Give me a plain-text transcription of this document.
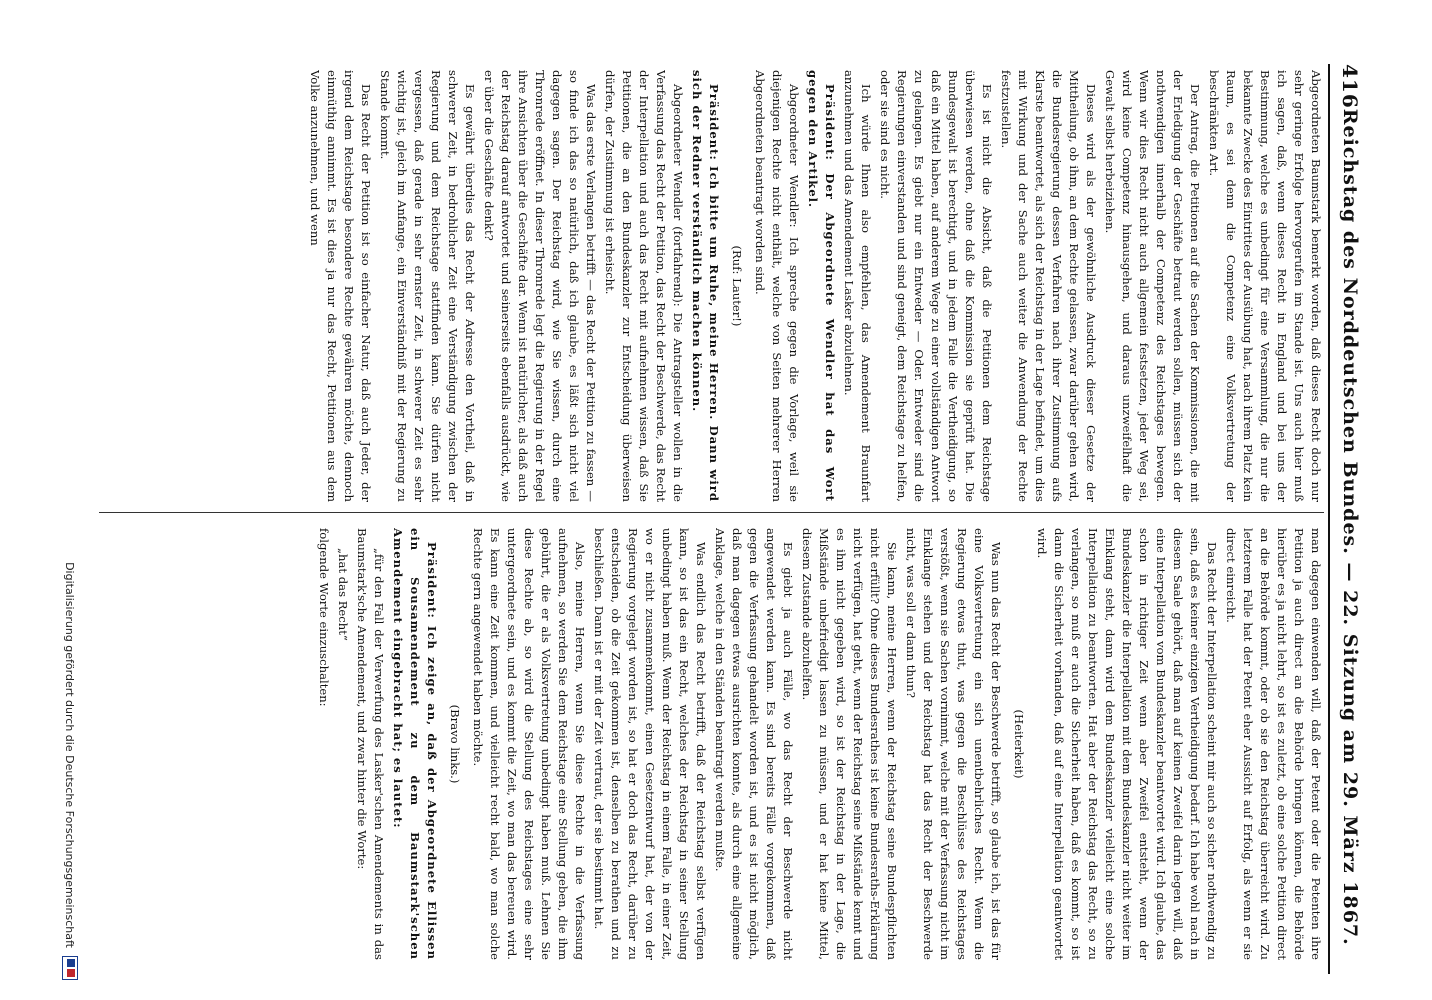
416
Reichstag des Norddeutschen Bundes. — 22. Sitzung am 29. März 1867.

Abgeordneten Baumstark bemerkt worden, daß dieses Recht doch nur sehr geringe Erfolge hervorgerufen im Stande ist. Uns auch hier muß ich sagen, daß, wenn dieses Recht in England und bei uns der Bestimmung, welche es unbedingt für eine Versammlung, die nur die bekannte Zwecke des Eintrittes der Ausübung hat, nach ihrem Platz kein Raum, es sei denn die Competenz eine Volksvertretung der beschränkten Art.

Der Antrag, die Petitionen auf die Sachen der Kommissionen, die mit der Erledigung der Geschäfte betraut werden sollen, müssen sich der nothwendigen innerhalb der Competenz des Reichstages bewegen. Wenn wir dies Recht nicht auch allgemein festsetzen, jeder Weg sei, wird keine Competenz hinausgehen, und daraus unzweifelhaft die Gewalt selbst herbeiziehen.

Dieses wird als der gewöhnliche Ausdruck dieser Gesetze der Mittheilung, ob ihm, an dem Rechte gelassen, zwar darüber gehen wird, die Bundesregierung dessen Verfahren nach ihrer Zustimmung aufs Klarste beantwortet, als sich der Reichstag in der Lage befindet, um dies mit Wirkung und der Sache auch weiter die Anwendung der Rechte festzustellen.

Es ist nicht die Absicht, daß die Petitionen dem Reichstage überwiesen werden, ohne daß die Kommission sie geprüft hat. Die Bundesgewalt ist berechtigt, und in jedem Falle die Vertheidigung, so daß ein Mittel haben, auf anderem Wege zu einer vollständigen Antwort zu gelangen. Es giebt nur ein Entweder — Oder. Entweder sind die Regierungen einverstanden und sind geneigt, dem Reichstage zu helfen, oder sie sind es nicht.

Ich würde Ihnen also empfehlen, das Amendement Braunfart anzunehmen und das Amendement Lasker abzulehnen.

Präsident: Der Abgeordnete Wendler hat das Wort gegen den Artikel.

Abgeordneter Wendler: Ich spreche gegen die Vorlage, weil sie diejenigen Rechte nicht enthält, welche von Seiten mehrerer Herren Abgeordneten beantragt worden sind.

(Ruf: Lauter!)

Präsident: Ich bitte um Ruhe, meine Herren. Dann wird sich der Redner verständlich machen können.

Abgeordneter Wendler (fortfahrend): Die Antragsteller wollen in die Verfassung das Recht der Petition, das Recht der Beschwerde, das Recht der Interpellation und auch das Recht mit aufnehmen wissen, daß Sie Petitionen, die an den Bundeskanzler zur Entscheidung überweisen dürfen, der Zustimmung ist erheischt.

Was das erste Verlangen betrifft — das Recht der Petition zu fassen — so finde ich das so natürlich, daß ich glaube, es läßt sich nicht viel dagegen sagen. Der Reichstag wird, wie Sie wissen, durch eine Thronrede eröffnet. In dieser Thronrede legt die Regierung in der Regel ihre Ansichten über die Geschäfte dar. Wenn ist natürlicher, als daß auch der Reichstag darauf antwortet und seinerseits ebenfalls ausdrückt, wie er über die Geschäfte denkt?

Es gewährt überdies das Recht der Adresse den Vortheil, daß in schwerer Zeit, in bedrohlicher Zeit eine Verständigung zwischen der Regierung und dem Reichstage stattfinden kann. Sie dürfen nicht vergessen, daß gerade in sehr ernster Zeit, in schwerer Zeit es sehr wichtig ist, gleich im Anfange, ein Einverständniß mit der Regierung zu Stande kommt.

Das Recht der Petition ist so einfacher Natur, daß auch Jeder, der irgend dem Reichstage besondere Rechte gewähren möchte, dennoch einmüthig annimmt. Es ist dies ja nur das Recht, Petitionen aus dem Volke anzunehmen, und wenn

man dagegen einwenden will, daß der Petent oder die Petenten ihre Petition ja auch direct an die Behörde bringen können, die Behörde hierüber es ja nicht lehrt, so ist es zuletzt, ob eine solche Petition direct an die Behörde kommt, oder ob sie den Reichstag überreicht wird. Zu letzterem Falle hat der Petent eher Aussicht auf Erfolg, als wenn er sie direct einreicht.

Das Recht der Interpellation scheint mir auch so sicher nothwendig zu sein, daß es keiner einzigen Vertheidigung bedarf. Ich habe wohl nach in diesem Saale gehört, daß man auf keinen Zweifel darin legen will, daß eine Interpellation vom Bundeskanzler beantwortet wird. Ich glaube, das schon in richtiger Zeit wenn aber Zweifel entsteht, wenn der Bundeskanzler die Interpellation mit dem Bundeskanzler nicht weiter im Einklang steht, dann wird dem Bundeskanzler vielleicht eine solche Interpellation zu beantworten. Hat aber der Reichstag das Recht, so zu verlangen, so muß er auch die Sicherheit haben, daß es kommt, so ist dann die Sicherheit vorhanden, daß auf eine Interpellation geantwortet wird.

(Heiterkeit)

Was nun das Recht der Beschwerde betrifft, so glaube ich, ist das für eine Volksvertretung ein sich unentbehrliches Recht. Wenn die Regierung etwas thut, was gegen die Beschlüsse des Reichstages verstößt, wenn sie Sachen vornimmt, welche mit der Verfassung nicht im Einklange stehen und der Reichstag hat das Recht der Beschwerde nicht, was soll er dann thun?

Sie kann, meine Herren, wenn der Reichstag seine Bundespflichten nicht erfüllt? Ohne dieses Bundesrathes ist keine Bundesraths-Erklärung nicht verfügen, hat geht, wenn der Reichstag seine Mißstände kennt und es ihm nicht gegeben wird, so ist der Reichstag in der Lage, die Mißstände unbefriedigt lassen zu müssen, und er hat keine Mittel, diesem Zustande abzuhelfen.

Es giebt ja auch Fälle, wo das Recht der Beschwerde nicht angewendet werden kann. Es sind bereits Fälle vorgekommen, daß gegen die Verfassung gehandelt worden ist, und es ist nicht möglich, daß man dagegen etwas ausrichten konnte, als durch eine allgemeine Anklage, welche in den Ständen beantragt werden mußte.

Was endlich das Recht betrifft, daß der Reichstag selbst verfügen kann, so ist das ein Recht, welches der Reichstag in seiner Stellung unbedingt haben muß. Wenn der Reichstag in einem Falle, in einer Zeit, wo er nicht zusammenkommt, einen Gesetzentwurf hat, der von der Regierung vorgelegt worden ist, so hat er doch das Recht, darüber zu entscheiden, ob die Zeit gekommen ist, denselben zu berathen und zu beschließen. Dann ist er mit der Zeit vertraut, der sie bestimmt hat.

Also, meine Herren, wenn Sie diese Rechte in die Verfassung aufnehmen, so werden Sie dem Reichstage eine Stellung geben, die ihm gebührt, die er als Volksvertretung unbedingt haben muß. Lehnen Sie diese Rechte ab, so wird die Stellung des Reichstages eine sehr untergeordnete sein, und es kommt die Zeit, wo man das bereuen wird. Es kann eine Zeit kommen, und vielleicht recht bald, wo man solche Rechte gern angewendet haben möchte.

(Bravo links.)

Präsident: Ich zeige an, daß der Abgeordnete Ellissen ein Sousamendement zu dem Baumstark'schen Amendement eingebracht hat; es lautet:

„für den Fall der Verwerfung des Lasker'schen Amendements in das Baumstark'sche Amendement, und zwar hinter die Worte:

„hat das Recht“

folgende Worte einzuschalten:

Digitalisierung gefördert durch die Deutsche Forschungsgemeinschaft
